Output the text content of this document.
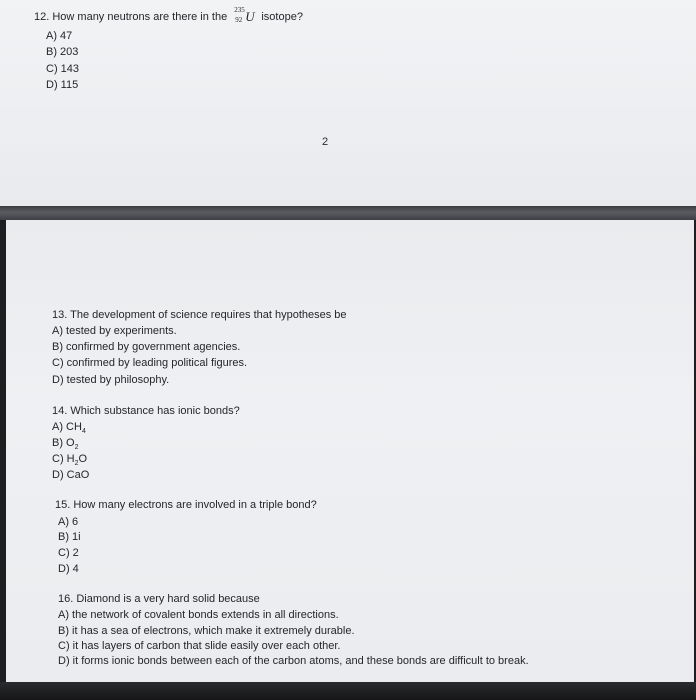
12. How many neutrons are there in the
235
92 U isotope?
A) 47
B) 203
C) 143
D) 115
2
13. The development of science requires that hypotheses be
A) tested by experiments.
B) confirmed by government agencies.
C) confirmed by leading political figures.
D) tested by philosophy.
14. Which substance has ionic bonds?
A) $CH_4$
B) $O_2$
C) $H_2O$
D) CaO
15. How many electrons are involved in a triple bond?
A) 6
B) 1i
C) 2
D) 4
16. Diamond is a very hard solid because
A) the network of covalent bonds extends in all directions.
B) it has a sea of electrons, which make it extremely durable.
C) it has layers of carbon that slide easily over each other.
D) it forms ionic bonds between each of the carbon atoms, and these bonds are difficult to break.
